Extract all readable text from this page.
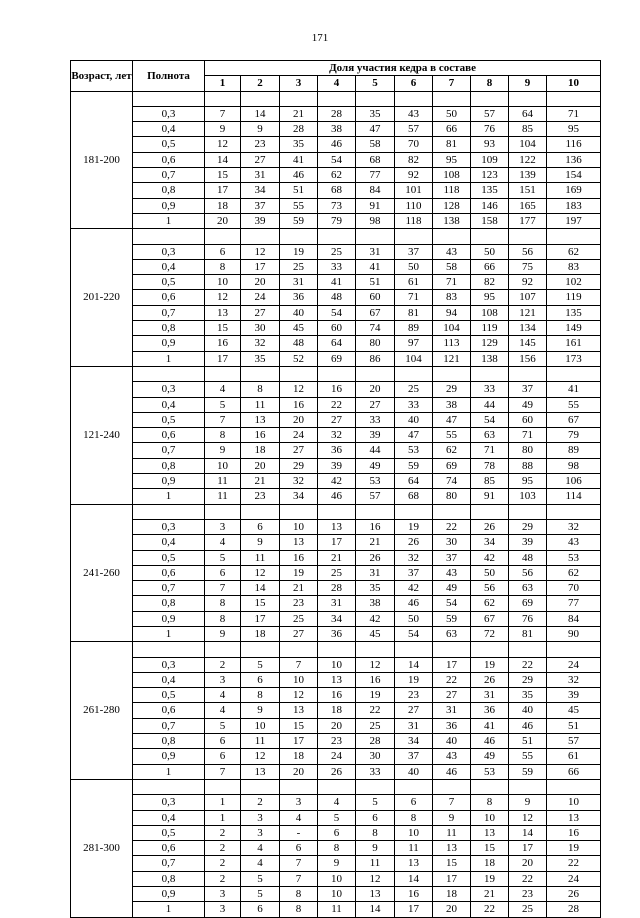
171
Возраст, лет	Полнота	Доля участия кедра в составе									
		1	2	3	4	5	6	7	8	9	10
181-200											
	0,3	7	14	21	28	35	43	50	57	64	71
	0,4	9	9	28	38	47	57	66	76	85	95
	0,5	12	23	35	46	58	70	81	93	104	116
	0,6	14	27	41	54	68	82	95	109	122	136
	0,7	15	31	46	62	77	92	108	123	139	154
	0,8	17	34	51	68	84	101	118	135	151	169
	0,9	18	37	55	73	91	110	128	146	165	183
	1	20	39	59	79	98	118	138	158	177	197
201-220											
	0,3	6	12	19	25	31	37	43	50	56	62
	0,4	8	17	25	33	41	50	58	66	75	83
	0,5	10	20	31	41	51	61	71	82	92	102
	0,6	12	24	36	48	60	71	83	95	107	119
	0,7	13	27	40	54	67	81	94	108	121	135
	0,8	15	30	45	60	74	89	104	119	134	149
	0,9	16	32	48	64	80	97	113	129	145	161
	1	17	35	52	69	86	104	121	138	156	173
121-240											
	0,3	4	8	12	16	20	25	29	33	37	41
	0,4	5	11	16	22	27	33	38	44	49	55
	0,5	7	13	20	27	33	40	47	54	60	67
	0,6	8	16	24	32	39	47	55	63	71	79
	0,7	9	18	27	36	44	53	62	71	80	89
	0,8	10	20	29	39	49	59	69	78	88	98
	0,9	11	21	32	42	53	64	74	85	95	106
	1	11	23	34	46	57	68	80	91	103	114
241-260											
	0,3	3	6	10	13	16	19	22	26	29	32
	0,4	4	9	13	17	21	26	30	34	39	43
	0,5	5	11	16	21	26	32	37	42	48	53
	0,6	6	12	19	25	31	37	43	50	56	62
	0,7	7	14	21	28	35	42	49	56	63	70
	0,8	8	15	23	31	38	46	54	62	69	77
	0,9	8	17	25	34	42	50	59	67	76	84
	1	9	18	27	36	45	54	63	72	81	90
261-280											
	0,3	2	5	7	10	12	14	17	19	22	24
	0,4	3	6	10	13	16	19	22	26	29	32
	0,5	4	8	12	16	19	23	27	31	35	39
	0,6	4	9	13	18	22	27	31	36	40	45
	0,7	5	10	15	20	25	31	36	41	46	51
	0,8	6	11	17	23	28	34	40	46	51	57
	0,9	6	12	18	24	30	37	43	49	55	61
	1	7	13	20	26	33	40	46	53	59	66
281-300											
	0,3	1	2	3	4	5	6	7	8	9	10
	0,4	1	3	4	5	6	8	9	10	12	13
	0,5	2	3	-	6	8	10	11	13	14	16
	0,6	2	4	6	8	9	11	13	15	17	19
	0,7	2	4	7	9	11	13	15	18	20	22
	0,8	2	5	7	10	12	14	17	19	22	24
	0,9	3	5	8	10	13	16	18	21	23	26
	1	3	6	8	11	14	17	20	22	25	28
